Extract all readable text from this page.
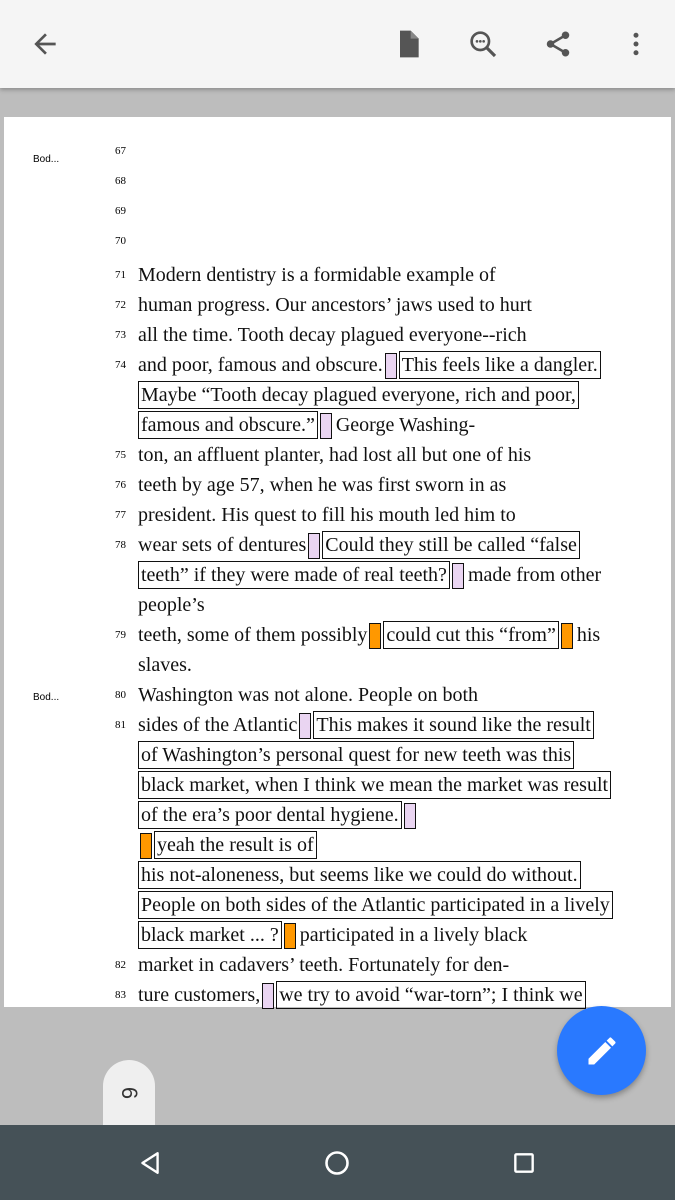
Bod...
Bod...
67
68
69
70
71 Modern dentistry is a formidable example of
72 human progress. Our ancestors’ jaws used to hurt
73 all the time. Tooth decay plagued everyone--rich
74 and poor, famous and obscure. This feels like a dangler.
Maybe “Tooth decay plagued everyone, rich and poor,
famous and obscure.” George Washing-
75 ton, an affluent planter, had lost all but one of his
76 teeth by age 57, when he was first sworn in as
77 president. His quest to fill his mouth led him to
78 wear sets of dentures Could they still be called “false
teeth” if they were made of real teeth? made from other
people’s
79 teeth, some of them possibly could cut this “from” his
slaves.
80 Washington was not alone. People on both
81 sides of the Atlantic This makes it sound like the result
of Washington’s personal quest for new teeth was this
black market, when I think we mean the market was result
of the era’s poor dental hygiene.
yeah the result is of
his not-aloneness, but seems like we could do without.
People on both sides of the Atlantic participated in a lively
black market ... ? participated in a lively black
82 market in cadavers’ teeth. Fortunately for den-
83 ture customers, we try to avoid “war-torn”; I think we
6
